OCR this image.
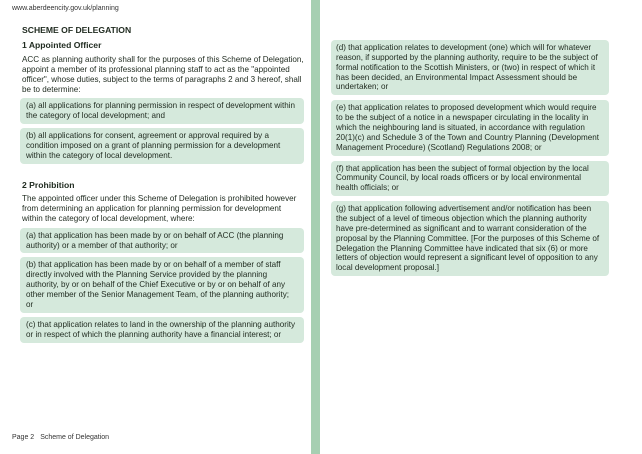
www.aberdeencity.gov.uk/planning
SCHEME OF DELEGATION
1 Appointed Officer
ACC as planning authority shall for the purposes of this Scheme of Delegation, appoint a member of its professional planning staff to act as the "appointed officer", whose duties, subject to the terms of paragraphs 2 and 3 hereof, shall be to determine:
(a) all applications for planning permission in respect of development within the category of local development; and
(b) all applications for consent, agreement or approval required by a condition imposed on a grant of planning permission for a development within the category of local development.
2 Prohibition
The appointed officer under this Scheme of Delegation is prohibited however from determining an application for planning permission for development within the category of local development, where:
(a) that application has been made by or on behalf of ACC (the planning authority) or a member of that authority; or
(b) that application has been made by or on behalf of a member of staff directly involved with the Planning Service provided by the planning authority, by or on behalf of the Chief Executive or by or on behalf of any other member of the Senior Management Team, of the planning authority; or
(c) that application relates to land in the ownership of the planning authority or in respect of which the planning authority have a financial interest; or
(d) that application relates to development (one) which will for whatever reason, if supported by the planning authority, require to be the subject of formal notification to the Scottish Ministers, or (two) in respect of which it has been decided, an Environmental Impact Assessment should be undertaken; or
(e) that application relates to proposed development which would require to be the subject of a notice in a newspaper circulating in the locality in which the neighbouring land is situated, in accordance with regulation 20(1)(c) and Schedule 3 of the Town and Country Planning (Development Management Procedure) (Scotland) Regulations 2008; or
(f) that application has been the subject of formal objection by the local Community Council, by local roads officers or by local environmental health officials; or
(g) that application following advertisement and/or notification has been the subject of a level of timeous objection which the planning authority have pre-determined as significant and to warrant consideration of the proposal by the Planning Committee. [For the purposes of this Scheme of Delegation the Planning Committee have indicated that six (6) or more letters of objection would represent a significant level of opposition to any local development proposal.]
Page 2 Scheme of Delegation
